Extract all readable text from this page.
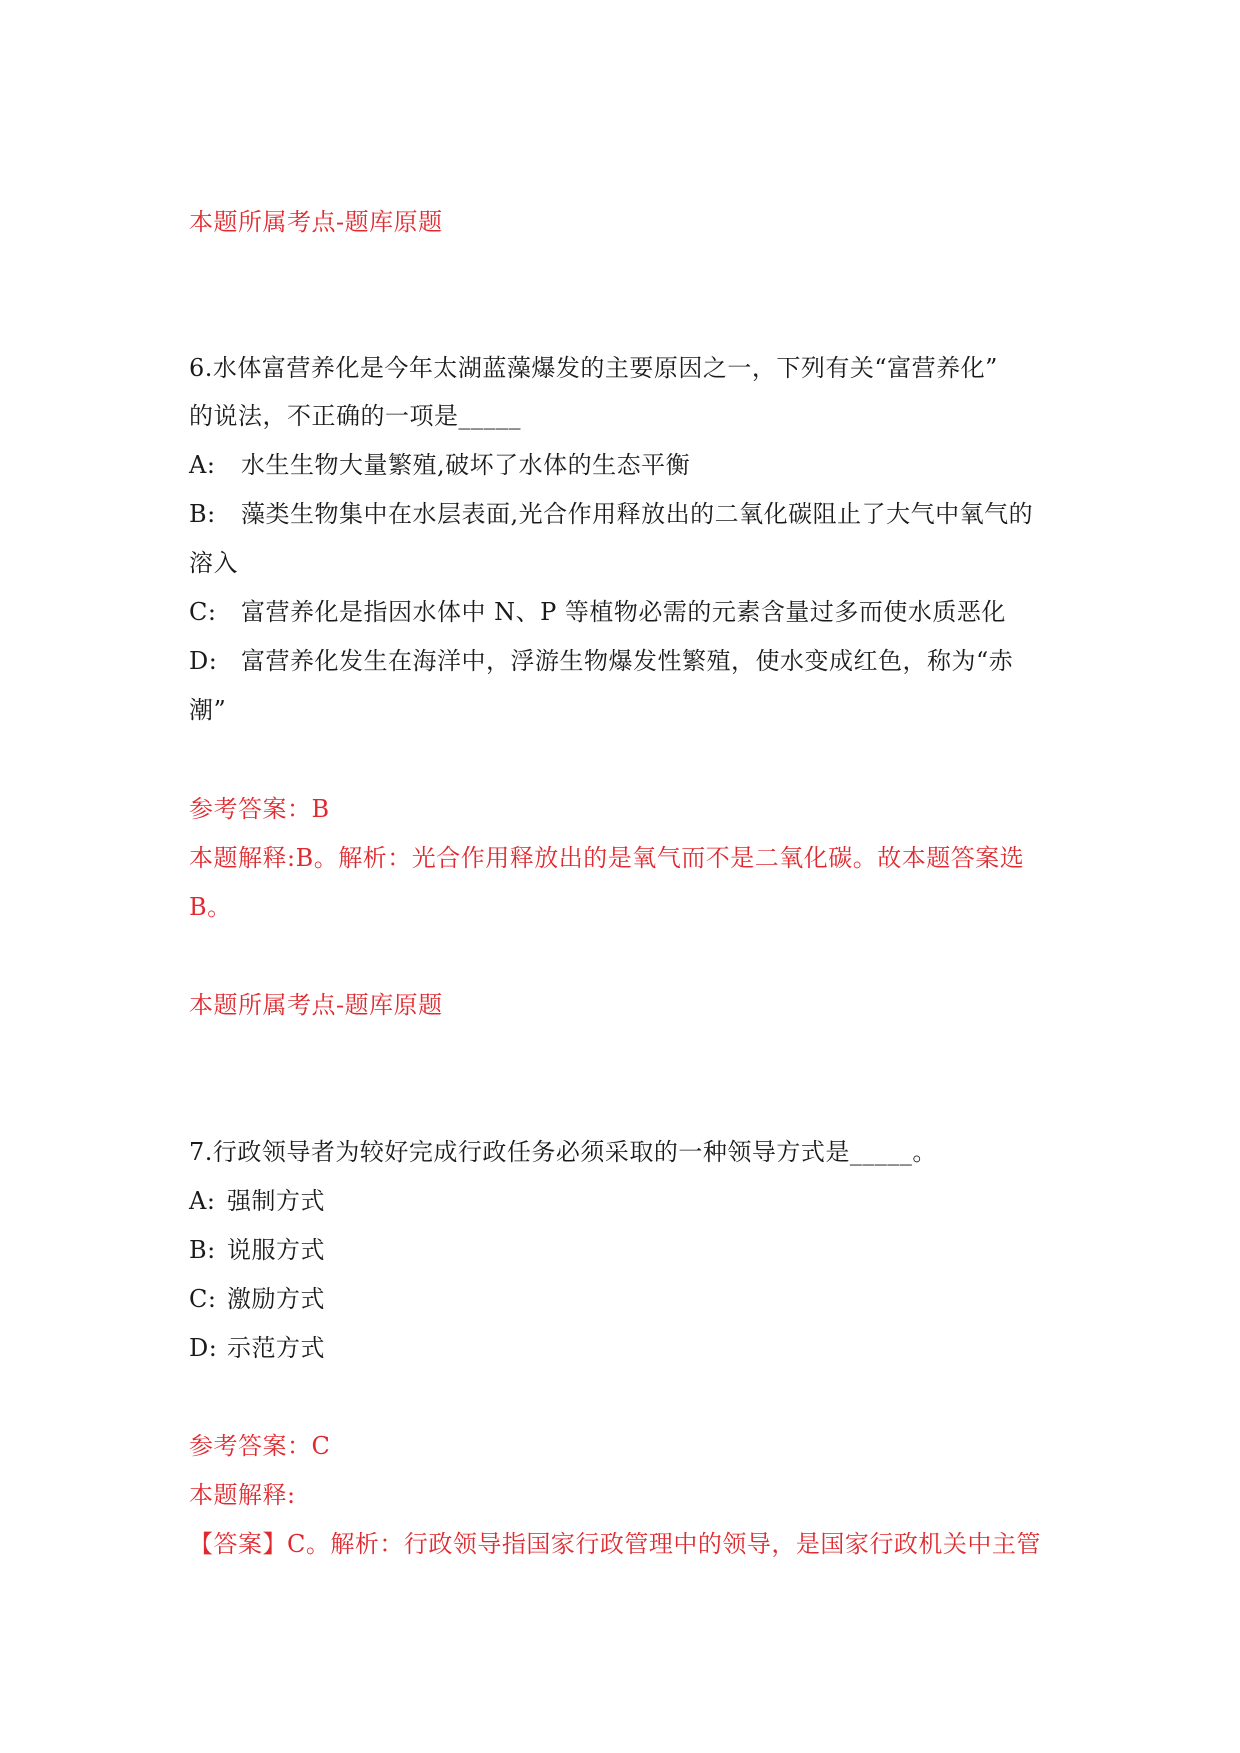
本题所属考点-题库原题
6.水体富营养化是今年太湖蓝藻爆发的主要原因之一，下列有关“富营养化”
的说法，不正确的一项是_____
A: 水生生物大量繁殖,破坏了水体的生态平衡
B: 藻类生物集中在水层表面,光合作用释放出的二氧化碳阻止了大气中氧气的
溶入
C: 富营养化是指因水体中 N、P 等植物必需的元素含量过多而使水质恶化
D: 富营养化发生在海洋中，浮游生物爆发性繁殖，使水变成红色，称为“赤
潮”
参考答案：B
本题解释:B。解析：光合作用释放出的是氧气而不是二氧化碳。故本题答案选
B。
本题所属考点-题库原题
7.行政领导者为较好完成行政任务必须采取的一种领导方式是_____。
A: 强制方式
B: 说服方式
C: 激励方式
D: 示范方式
参考答案：C
本题解释:
【答案】C。解析：行政领导指国家行政管理中的领导，是国家行政机关中主管
